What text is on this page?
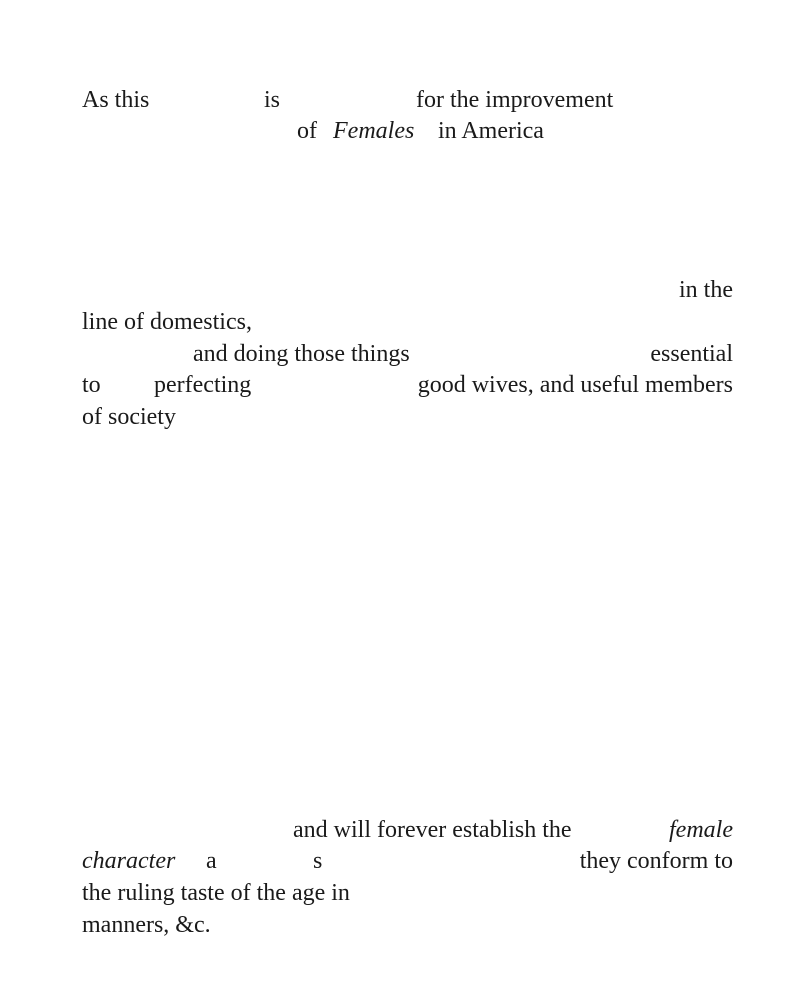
As this	is	for the improvement
of Females in America
in the
line of domestics,
and doing those things	essential
to perfecting	good wives, and useful members
of society
and will forever establish the	female
character a	s	they conform to
the ruling taste of the age in
manners, &c.
